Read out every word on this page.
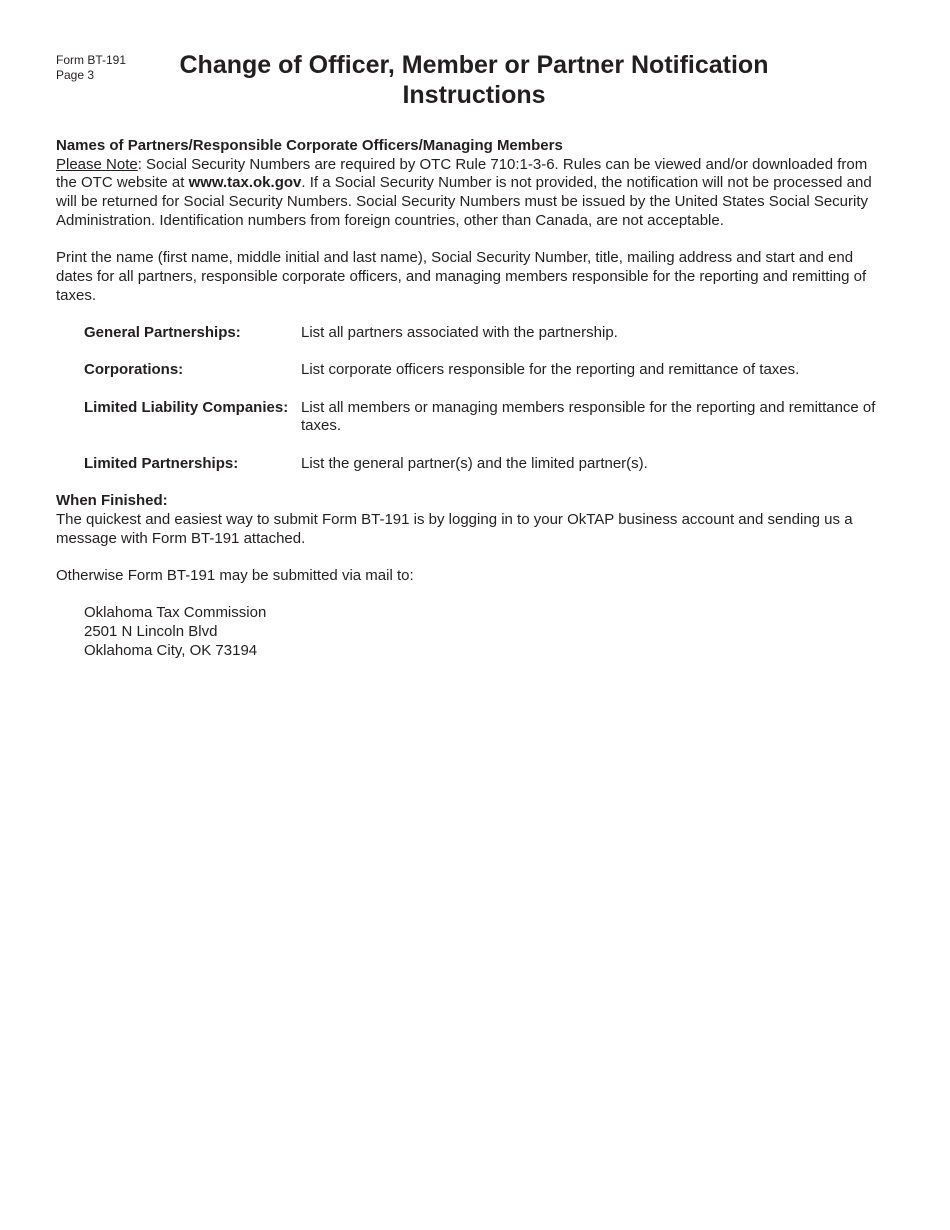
Form BT-191
Page 3	Change of Officer, Member or Partner Notification
Instructions
Names of Partners/Responsible Corporate Officers/Managing Members

Please Note: Social Security Numbers are required by OTC Rule 710:1-3-6. Rules can be viewed and/or downloaded from the OTC website at www.tax.ok.gov. If a Social Security Number is not provided, the notification will not be processed and will be returned for Social Security Numbers. Social Security Numbers must be issued by the United States Social Security Administration. Identification numbers from foreign countries, other than Canada, are not acceptable.

Print the name (first name, middle initial and last name), Social Security Number, title, mailing address and start and end dates for all partners, responsible corporate officers, and managing members responsible for the reporting and remitting of taxes.

General Partnerships:	List all partners associated with the partnership.
Corporations:	List corporate officers responsible for the reporting and remittance of taxes.
Limited Liability Companies: List all members or managing members responsible for the reporting and remittance of taxes.
Limited Partnerships:	List the general partner(s) and the limited partner(s).
When Finished:

The quickest and easiest way to submit Form BT-191 is by logging in to your OkTAP business account and sending us a message with Form BT-191 attached.

Otherwise Form BT-191 may be submitted via mail to:

Oklahoma Tax Commission
2501 N Lincoln Blvd
Oklahoma City, OK 73194
